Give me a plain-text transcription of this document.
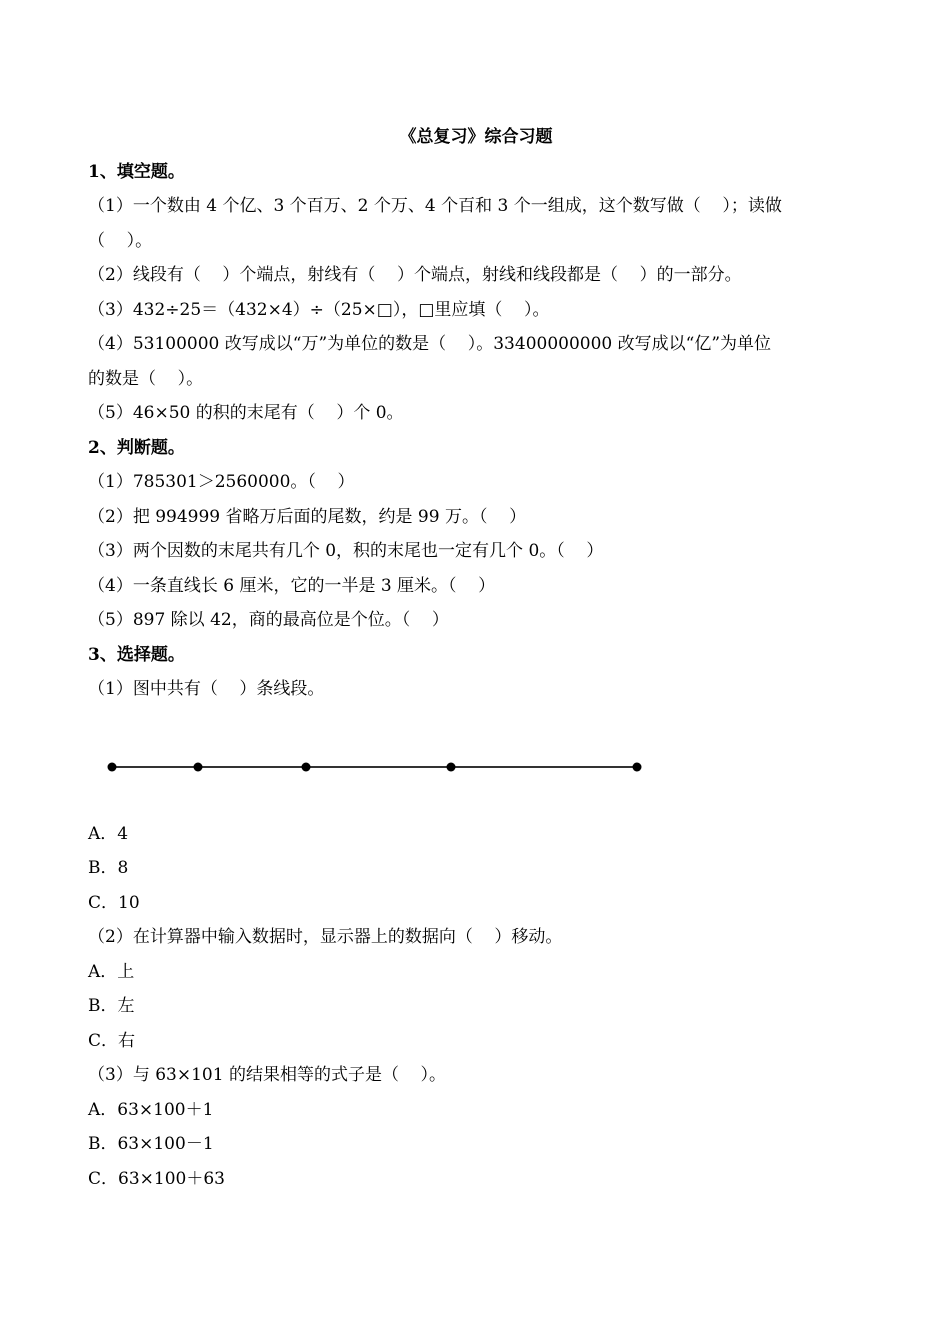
《总复习》综合习题
1、填空题。
（1）一个数由 4 个亿、3 个百万、2 个万、4 个百和 3 个一组成，这个数写做（    ）；读做
（    ）。
（2）线段有（    ）个端点，射线有（    ）个端点，射线和线段都是（    ）的一部分。
（3）432÷25＝（432×4）÷（25×□），□里应填（    ）。
（4）53100000 改写成以“万”为单位的数是（    ）。33400000000 改写成以“亿”为单位
的数是（    ）。
（5）46×50 的积的末尾有（    ）个 0。
2、判断题。
（1）785301＞2560000。（    ）
（2）把 994999 省略万后面的尾数，约是 99 万。（    ）
（3）两个因数的末尾共有几个 0，积的末尾也一定有几个 0。（    ）
（4）一条直线长 6 厘米，它的一半是 3 厘米。（    ）
（5）897 除以 42，商的最高位是个位。（    ）
3、选择题。
（1）图中共有（    ）条线段。
A．4
B．8
C．10
（2）在计算器中输入数据时，显示器上的数据向（    ）移动。
A．上
B．左
C．右
（3）与 63×101 的结果相等的式子是（    ）。
A．63×100＋1
B．63×100－1
C．63×100＋63
